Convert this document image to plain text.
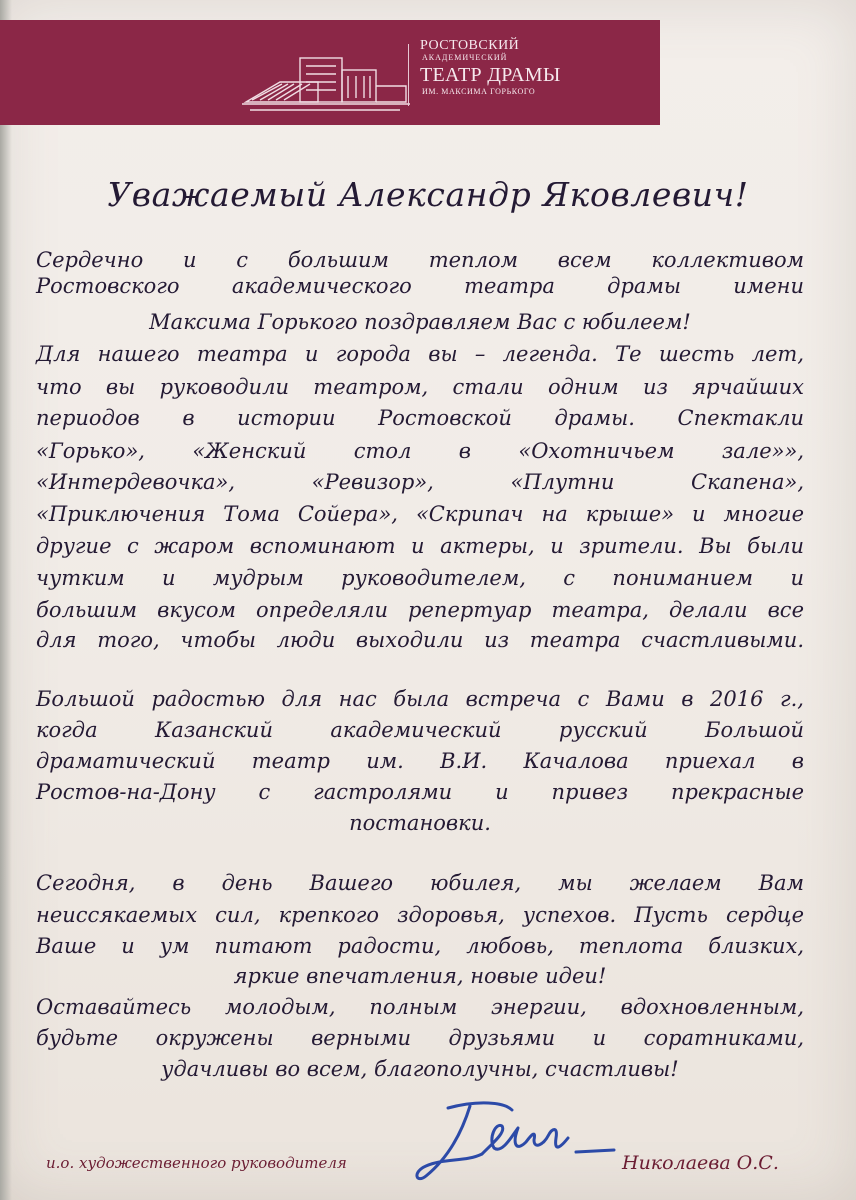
РОСТОВСКИЙ
АКАДЕМИЧЕСКИЙ
ТЕАТР ДРАМЫ
ИМ. МАКСИМА ГОРЬКОГО

Уважаемый Александр Яковлевич!

Сердечно и с большим теплом всем коллективом

Ростовского академического театра драмы имени

Максима Горького поздравляем Вас с юбилеем!

Для нашего театра и города вы – легенда. Те шесть лет,

что вы руководили театром, стали одним из ярчайших

периодов в истории Ростовской драмы. Спектакли

«Горько», «Женский стол в «Охотничьем зале»»,

«Интердевочка», «Ревизор», «Плутни Скапена»,

«Приключения Тома Сойера», «Скрипач на крыше» и многие

другие с жаром вспоминают и актеры, и зрители. Вы были

чутким и мудрым руководителем, с пониманием и

большим вкусом определяли репертуар театра, делали все

для того, чтобы люди выходили из театра счастливыми.

Большой радостью для нас была встреча с Вами в 2016 г.,

когда Казанский академический русский Большой

драматический театр им. В.И. Качалова приехал в

Ростов-на-Дону с гастролями и привез прекрасные

постановки.

Сегодня, в день Вашего юбилея, мы желаем Вам

неиссякаемых сил, крепкого здоровья, успехов. Пусть сердце

Ваше и ум питают радости, любовь, теплота близких,

яркие впечатления, новые идеи!

Оставайтесь молодым, полным энергии, вдохновленным,

будьте окружены верными друзьями и соратниками,

удачливы во всем, благополучны, счастливы!

и.о. художественного руководителя	Николаева О.С.
